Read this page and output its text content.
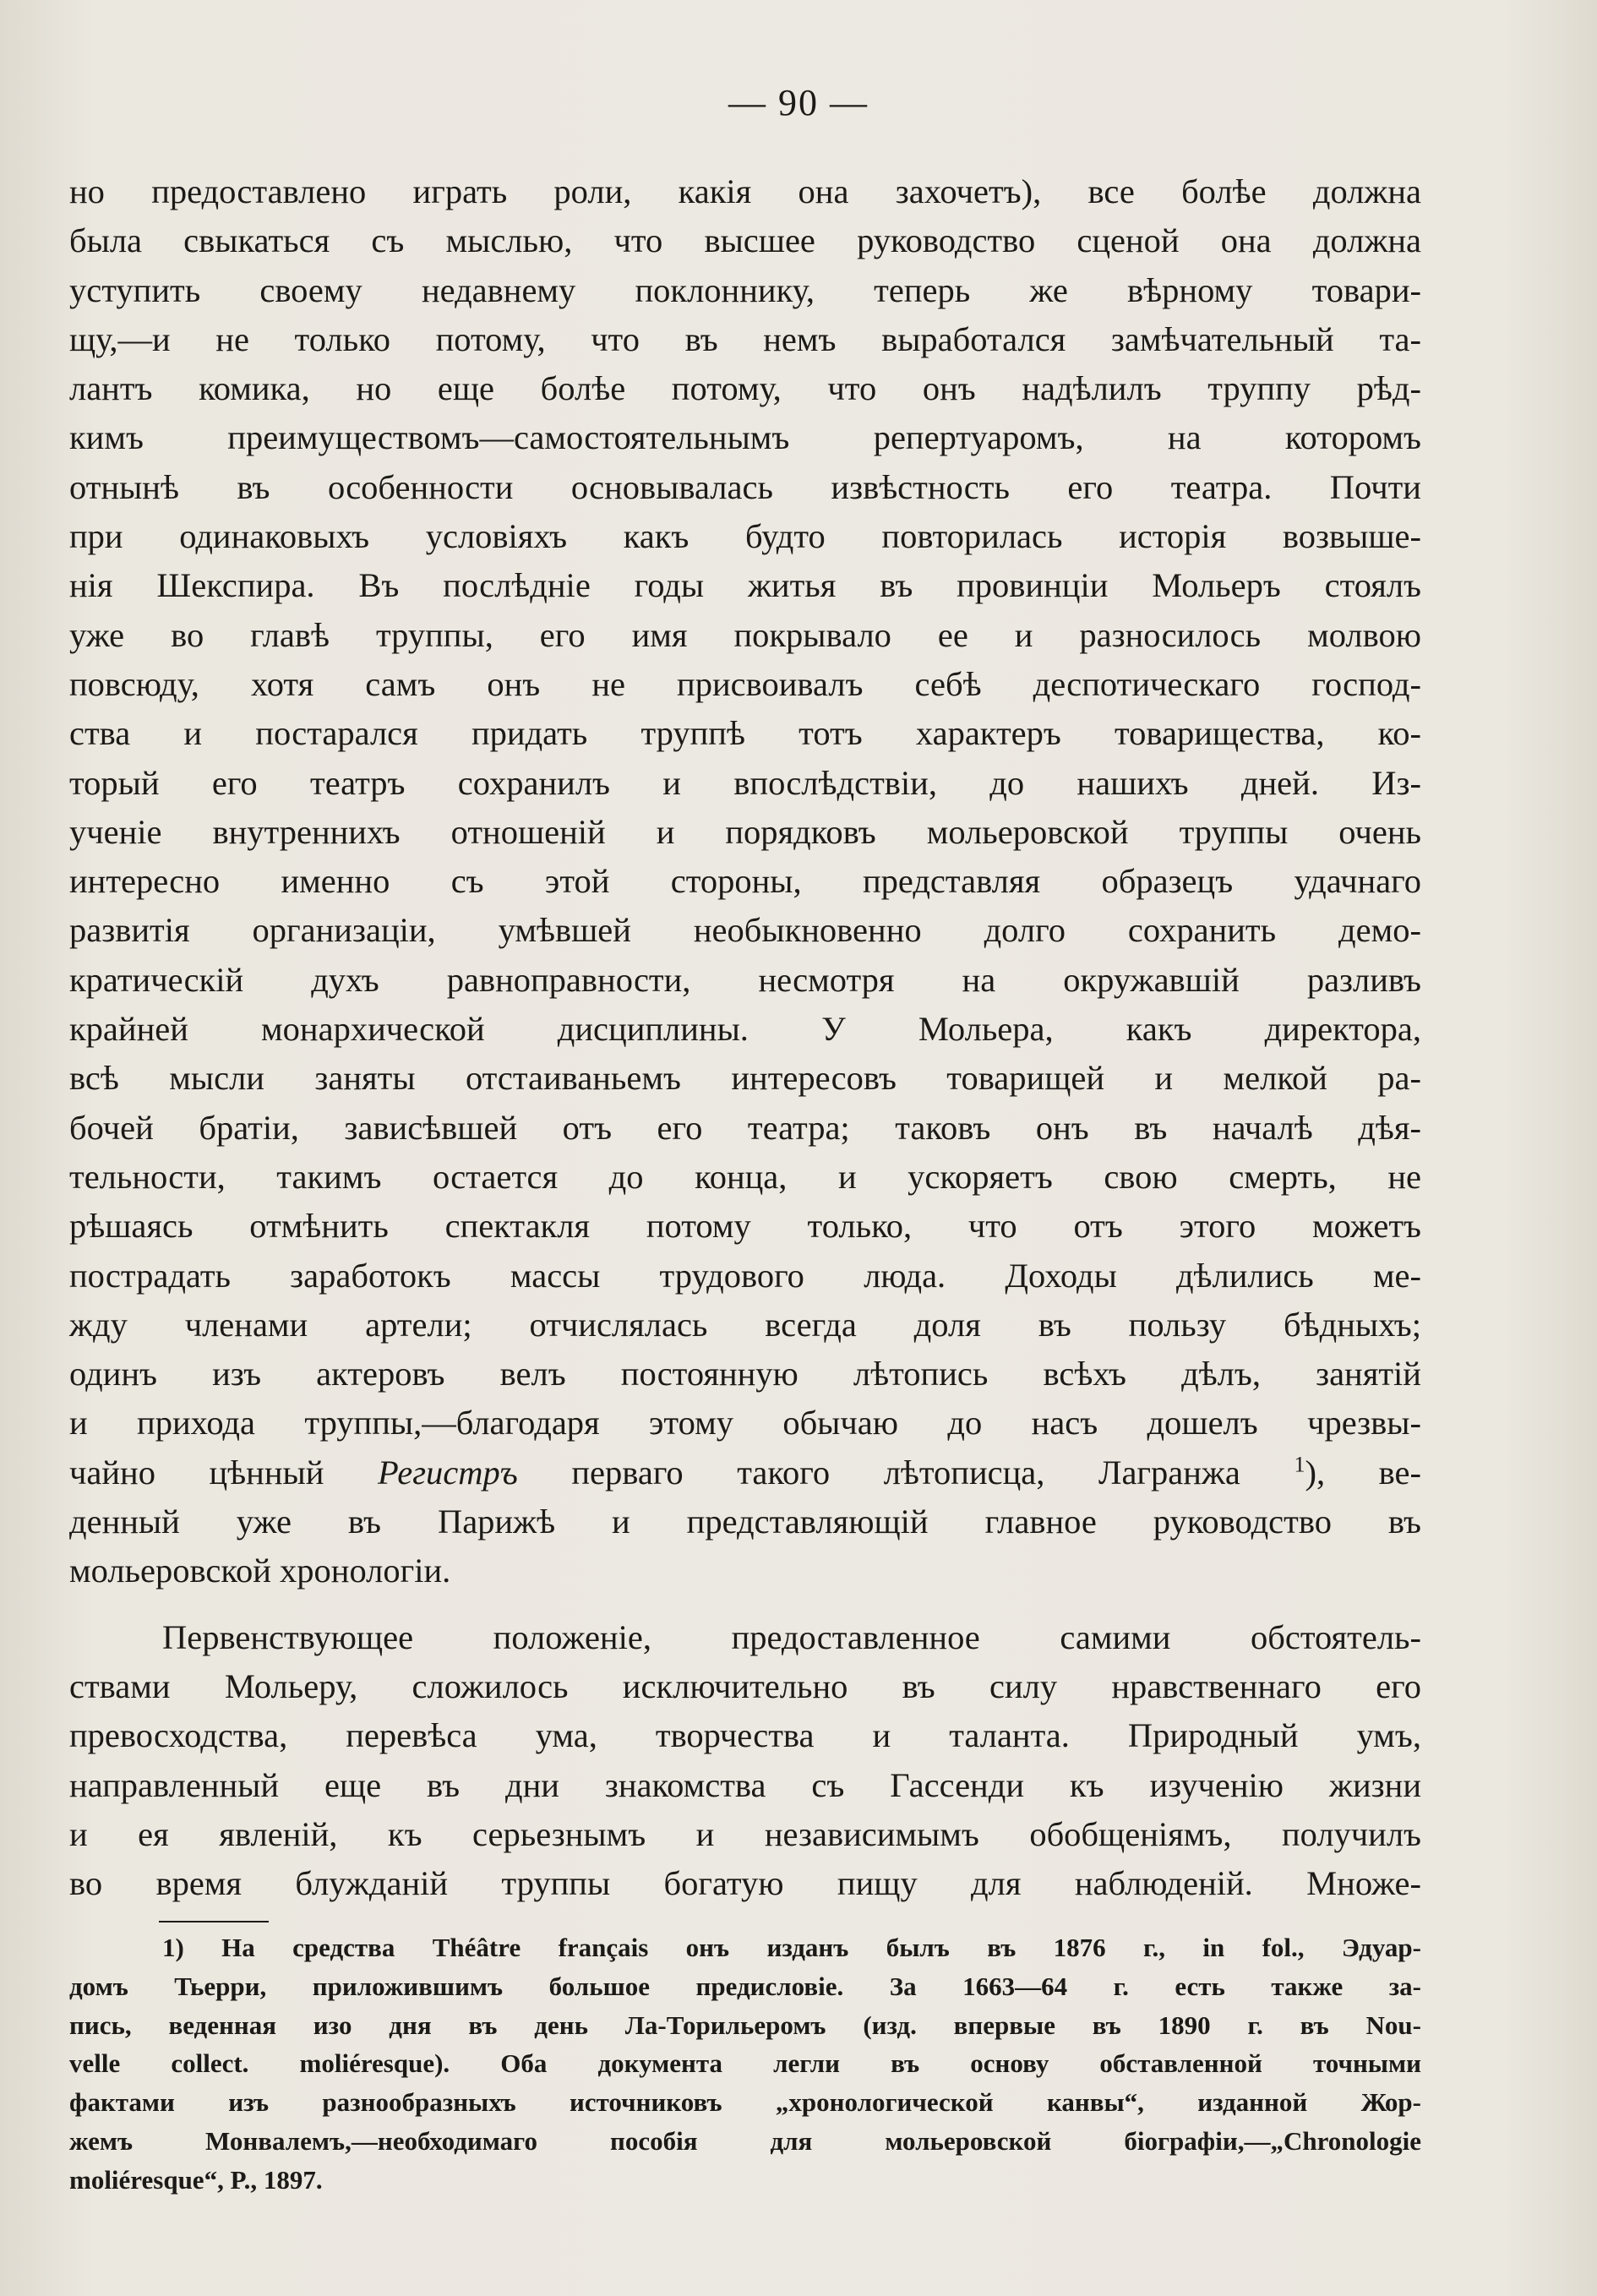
— 90 —
но предоставлено играть роли, какія она захочетъ), все болѣе должна
была свыкаться съ мыслью, что высшее руководство сценой она должна
уступить своему недавнему поклоннику, теперь же вѣрному товари-
щу,—и не только потому, что въ немъ выработался замѣчательный та-
лантъ комика, но еще болѣе потому, что онъ надѣлилъ труппу рѣд-
кимъ преимуществомъ—самостоятельнымъ репертуаромъ, на которомъ
отнынѣ въ особенности основывалась извѣстность его театра. Почти
при одинаковыхъ условіяхъ какъ будто повторилась исторія возвыше-
нія Шекспира. Въ послѣдніе годы житья въ провинціи Мольеръ стоялъ
уже во главѣ труппы, его имя покрывало ее и разносилось молвою
повсюду, хотя самъ онъ не присвоивалъ себѣ деспотическаго господ-
ства и постарался придать труппѣ тотъ характеръ товарищества, ко-
торый его театръ сохранилъ и впослѣдствіи, до нашихъ дней. Из-
ученіе внутреннихъ отношеній и порядковъ мольеровской труппы очень
интересно именно съ этой стороны, представляя образецъ удачнаго
развитія организаціи, умѣвшей необыкновенно долго сохранить демо-
кратическій духъ равноправности, несмотря на окружавшій разливъ
крайней монархической дисциплины. У Мольера, какъ директора,
всѣ мысли заняты отстаиваньемъ интересовъ товарищей и мелкой ра-
бочей братіи, зависѣвшей отъ его театра; таковъ онъ въ началѣ дѣя-
тельности, такимъ остается до конца, и ускоряетъ свою смерть, не
рѣшаясь отмѣнить спектакля потому только, что отъ этого можетъ
пострадать заработокъ массы трудового люда. Доходы дѣлились ме-
жду членами артели; отчислялась всегда доля въ пользу бѣдныхъ;
одинъ изъ актеровъ велъ постоянную лѣтопись всѣхъ дѣлъ, занятій
и прихода труппы,—благодаря этому обычаю до насъ дошелъ чрезвы-
чайно цѣнный Регистръ перваго такого лѣтописца, Лагранжа $^1$), ве-
денный уже въ Парижѣ и представляющій главное руководство въ
мольеровской хронологіи.
Первенствующее положеніе, предоставленное самими обстоятель-
ствами Мольеру, сложилось исключительно въ силу нравственнаго его
превосходства, перевѣса ума, творчества и таланта. Природный умъ,
направленный еще въ дни знакомства съ Гассенди къ изученію жизни
и ея явленій, къ серьезнымъ и независимымъ обобщеніямъ, получилъ
во время блужданій труппы богатую пищу для наблюденій. Множе-
1) На средства Théâtre français онъ изданъ былъ въ 1876 г., in fol., Эдуар-
домъ Тьерри, приложившимъ большое предисловіе. За 1663—64 г. есть также за-
пись, веденная изо дня въ день Ла-Торильеромъ (изд. впервые въ 1890 г. въ Nou-
velle collect. moliéresque). Оба документа легли въ основу обставленной точными
фактами изъ разнообразныхъ источниковъ „хронологической канвы“, изданной Жор-
жемъ Монвалемъ,—необходимаго пособія для мольеровской біографіи,—„Chronologie
moliéresque“, P., 1897.
